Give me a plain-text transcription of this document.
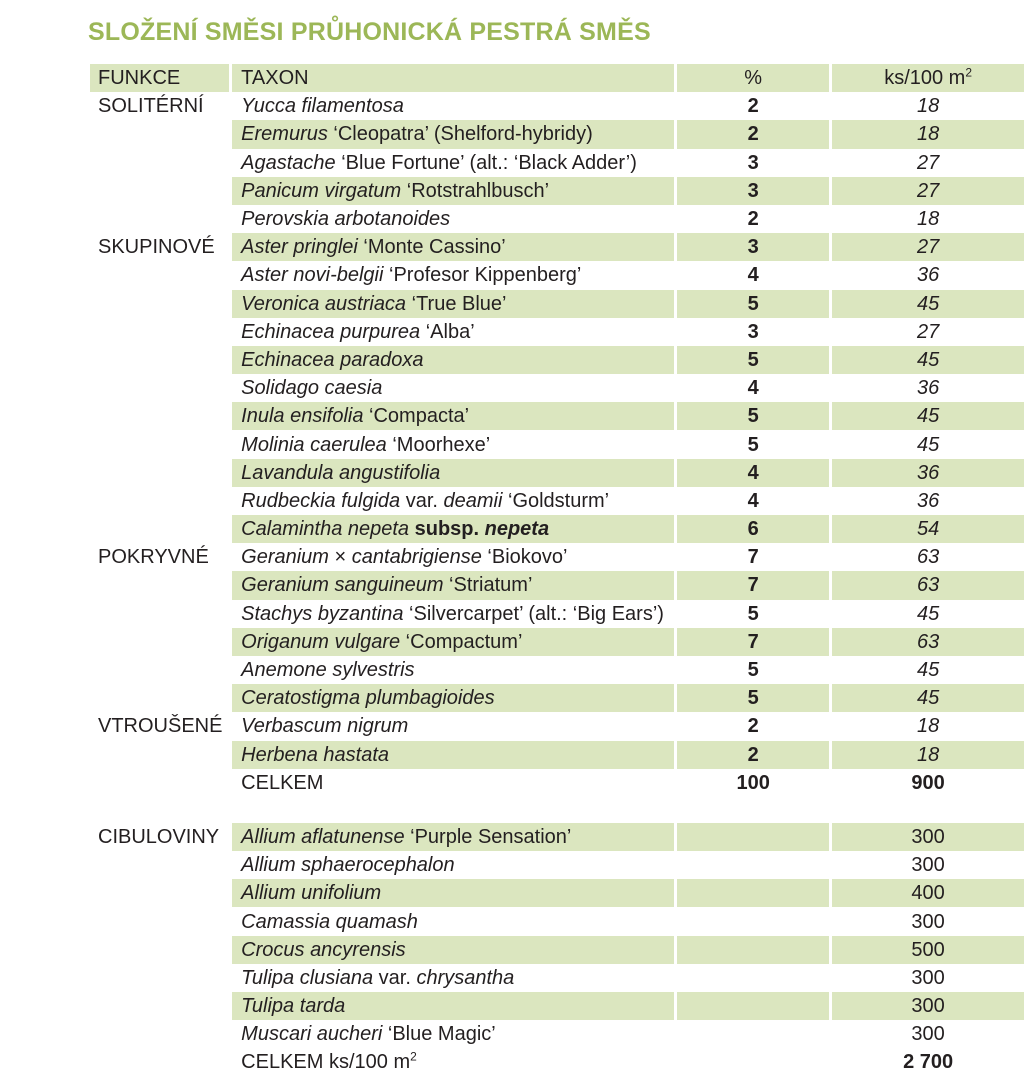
SLOŽENÍ SMĚSI PRŮHONICKÁ PESTRÁ SMĚS
FUNKCE	TAXON	%	ks/100 $m^2$
SOLITÉRNÍ	Yucca filamentosa	2	18
	Eremurus ‘Cleopatra’ (Shelford-hybridy)	2	18
	Agastache ‘Blue Fortune’ (alt.: ‘Black Adder’)	3	27
	Panicum virgatum ‘Rotstrahlbusch’	3	27
	Perovskia arbotanoides	2	18
SKUPINOVÉ	Aster pringlei ‘Monte Cassino’	3	27
	Aster novi-belgii ‘Profesor Kippenberg’	4	36
	Veronica austriaca ‘True Blue’	5	45
	Echinacea purpurea ‘Alba’	3	27
	Echinacea paradoxa	5	45
	Solidago caesia	4	36
	Inula ensifolia ‘Compacta’	5	45
	Molinia caerulea ‘Moorhexe’	5	45
	Lavandula angustifolia	4	36
	Rudbeckia fulgida var. deamii ‘Goldsturm’	4	36
	Calamintha nepeta subsp. nepeta	6	54
POKRYVNÉ	Geranium × cantabrigiense ‘Biokovo’	7	63
	Geranium sanguineum ‘Striatum’	7	63
	Stachys byzantina ‘Silvercarpet’ (alt.: ‘Big Ears’)	5	45
	Origanum vulgare ‘Compactum’	7	63
	Anemone sylvestris	5	45
	Ceratostigma plumbagioides	5	45
VTROUŠENÉ	Verbascum nigrum	2	18
	Herbena hastata	2	18
	CELKEM	100	900

CIBULOVINY	Allium aflatunense ‘Purple Sensation’		300
	Allium sphaerocephalon		300
	Allium unifolium		400
	Camassia quamash		300
	Crocus ancyrensis		500
	Tulipa clusiana var. chrysantha		300
	Tulipa tarda		300
	Muscari aucheri ‘Blue Magic’		300
	CELKEM ks/100 $m^2$		2 700
